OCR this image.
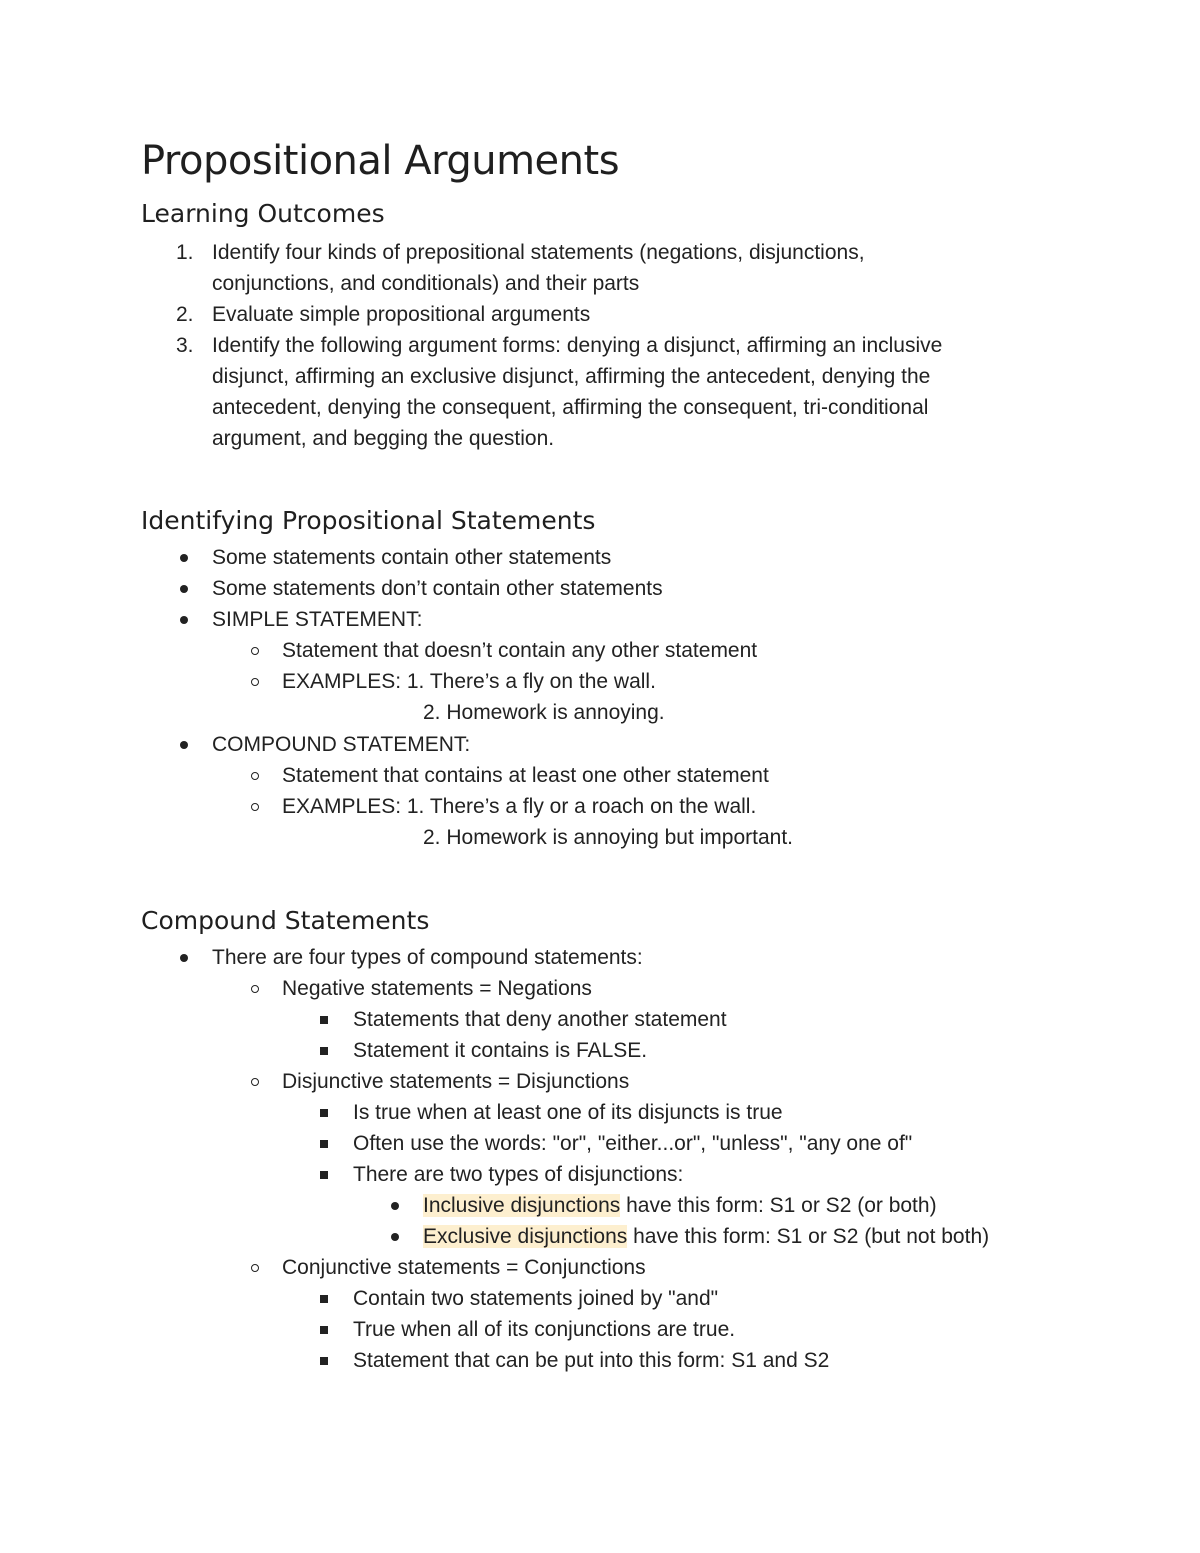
Propositional Arguments
Learning Outcomes
1. Identify four kinds of prepositional statements (negations, disjunctions,
conjunctions, and conditionals) and their parts
2. Evaluate simple propositional arguments
3. Identify the following argument forms: denying a disjunct, affirming an inclusive
disjunct, affirming an exclusive disjunct, affirming the antecedent, denying the
antecedent, denying the consequent, affirming the consequent, tri-conditional
argument, and begging the question.
Identifying Propositional Statements
Some statements contain other statements
Some statements don’t contain other statements
SIMPLE STATEMENT:
Statement that doesn’t contain any other statement
EXAMPLES: 1. There’s a fly on the wall.
2. Homework is annoying.
COMPOUND STATEMENT:
Statement that contains at least one other statement
EXAMPLES: 1. There’s a fly or a roach on the wall.
2. Homework is annoying but important.
Compound Statements
There are four types of compound statements:
Negative statements = Negations
Statements that deny another statement
Statement it contains is FALSE.
Disjunctive statements = Disjunctions
Is true when at least one of its disjuncts is true
Often use the words: "or", "either...or", "unless", "any one of"
There are two types of disjunctions:
Inclusive disjunctions have this form: S1 or S2 (or both)
Exclusive disjunctions have this form: S1 or S2 (but not both)
Conjunctive statements = Conjunctions
Contain two statements joined by "and"
True when all of its conjunctions are true.
Statement that can be put into this form: S1 and S2
